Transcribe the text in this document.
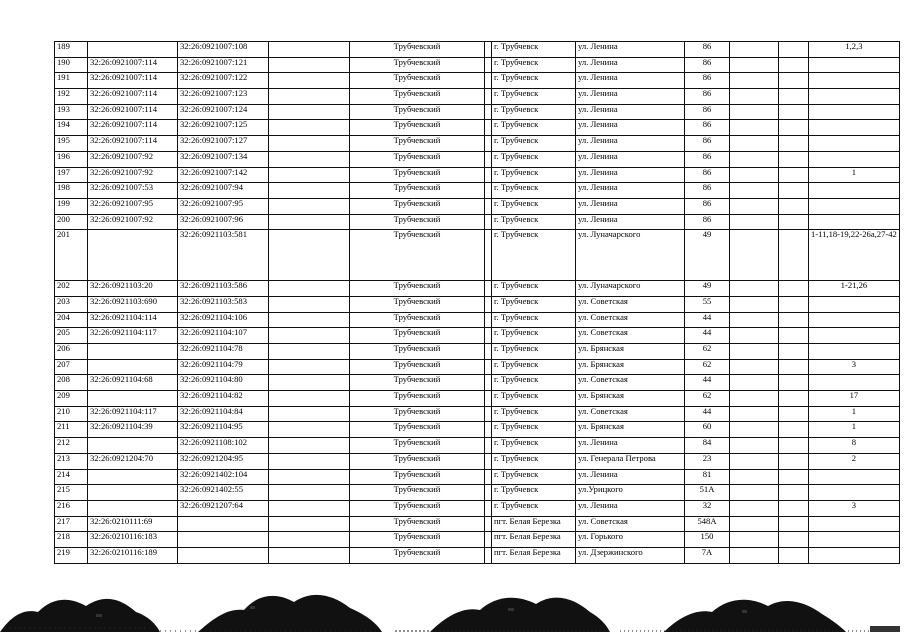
189		32:26:0921007:108		Трубчевский		г. Трубчевск	ул. Ленина	86			1,2,3
190	32:26:0921007:114	32:26:0921007:121		Трубчевский		г. Трубчевск	ул. Ленина	86			
191	32:26:0921007:114	32:26:0921007:122		Трубчевский		г. Трубчевск	ул. Ленина	86			
192	32:26:0921007:114	32:26:0921007:123		Трубчевский		г. Трубчевск	ул. Ленина	86			
193	32:26:0921007:114	32:26:0921007:124		Трубчевский		г. Трубчевск	ул. Ленина	86			
194	32:26:0921007:114	32:26:0921007:125		Трубчевский		г. Трубчевск	ул. Ленина	86			
195	32:26:0921007:114	32:26:0921007:127		Трубчевский		г. Трубчевск	ул. Ленина	86			
196	32:26:0921007:92	32:26:0921007:134		Трубчевский		г. Трубчевск	ул. Ленина	86			
197	32:26:0921007:92	32:26:0921007:142		Трубчевский		г. Трубчевск	ул. Ленина	86			1
198	32:26:0921007:53	32:26:0921007:94		Трубчевский		г. Трубчевск	ул. Ленина	86			
199	32:26:0921007:95	32:26:0921007:95		Трубчевский		г. Трубчевск	ул. Ленина	86			
200	32:26:0921007:92	32:26:0921007:96		Трубчевский		г. Трубчевск	ул. Ленина	86			
201		32:26:0921103:581		Трубчевский		г. Трубчевск	ул. Луначарского	49			1-11,18-19,22-26а,27-42
202	32:26:0921103:20	32:26:0921103:586		Трубчевский		г. Трубчевск	ул. Луначарского	49			1-21,26
203	32:26:0921103:690	32:26:0921103:583		Трубчевский		г. Трубчевск	ул. Советская	55			
204	32:26:0921104:114	32:26:0921104:106		Трубчевский		г. Трубчевск	ул. Советская	44			
205	32:26:0921104:117	32:26:0921104:107		Трубчевский		г. Трубчевск	ул. Советская	44			
206		32:26:0921104:78		Трубчевский		г. Трубчевск	ул. Брянская	62			
207		32:26:0921104:79		Трубчевский		г. Трубчевск	ул. Брянская	62			3
208	32:26:0921104:68	32:26:0921104:80		Трубчевский		г. Трубчевск	ул. Советская	44			
209		32:26:0921104:82		Трубчевский		г. Трубчевск	ул. Брянская	62			17
210	32:26:0921104:117	32:26:0921104:84		Трубчевский		г. Трубчевск	ул. Советская	44			1
211	32:26:0921104:39	32:26:0921104:95		Трубчевский		г. Трубчевск	ул. Брянская	60			1
212		32:26:0921108:102		Трубчевский		г. Трубчевск	ул. Ленина	84			8
213	32:26:0921204:70	32:26:0921204:95		Трубчевский		г. Трубчевск	ул. Генерала Петрова	23			2
214		32:26:0921402:104		Трубчевский		г. Трубчевск	ул. Ленина	81			
215		32:26:0921402:55		Трубчевский		г. Трубчевск	ул.Урицкого	51А			
216		32:26:0921207:64		Трубчевский		г. Трубчевск	ул. Ленина	32			3
217	32:26:0210111:69			Трубчевский		пгт. Белая Березка	ул. Советская	548А			
218	32:26:0210116:183			Трубчевский		пгт. Белая Березка	ул. Горького	150			
219	32:26:0210116:189			Трубчевский		пгт. Белая Березка	ул. Дзержинского	7А			
